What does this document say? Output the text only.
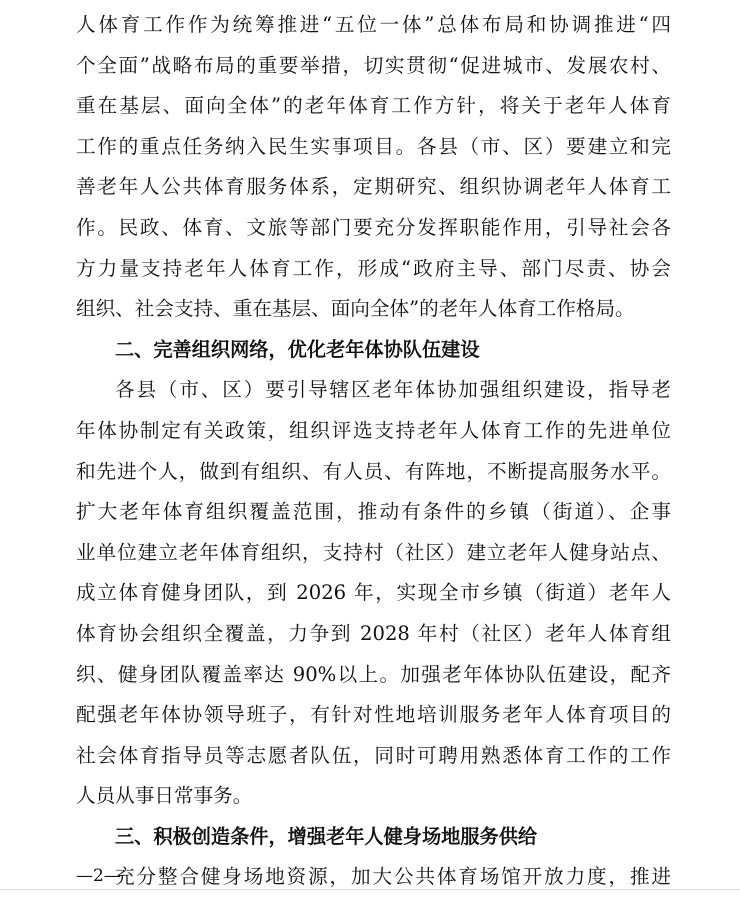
人体育工作作为统筹推进“五位一体”总体布局和协调推进“四
个全面”战略布局的重要举措，切实贯彻“促进城市、发展农村、
重在基层、面向全体”的老年体育工作方针，将关于老年人体育
工作的重点任务纳入民生实事项目。各县（市、区）要建立和完
善老年人公共体育服务体系，定期研究、组织协调老年人体育工
作。民政、体育、文旅等部门要充分发挥职能作用，引导社会各
方力量支持老年人体育工作，形成“政府主导、部门尽责、协会
组织、社会支持、重在基层、面向全体”的老年人体育工作格局。
二、完善组织网络，优化老年体协队伍建设
各县（市、区）要引导辖区老年体协加强组织建设，指导老
年体协制定有关政策，组织评选支持老年人体育工作的先进单位
和先进个人，做到有组织、有人员、有阵地，不断提高服务水平。
扩大老年体育组织覆盖范围，推动有条件的乡镇（街道）、企事
业单位建立老年体育组织，支持村（社区）建立老年人健身站点、
成立体育健身团队，到 2026 年，实现全市乡镇（街道）老年人
体育协会组织全覆盖，力争到 2028 年村（社区）老年人体育组
织、健身团队覆盖率达 90%以上。加强老年体协队伍建设，配齐
配强老年体协领导班子，有针对性地培训服务老年人体育项目的
社会体育指导员等志愿者队伍，同时可聘用熟悉体育工作的工作
人员从事日常事务。
三、积极创造条件，增强老年人健身场地服务供给
充分整合健身场地资源，加大公共体育场馆开放力度，推进
—2—
